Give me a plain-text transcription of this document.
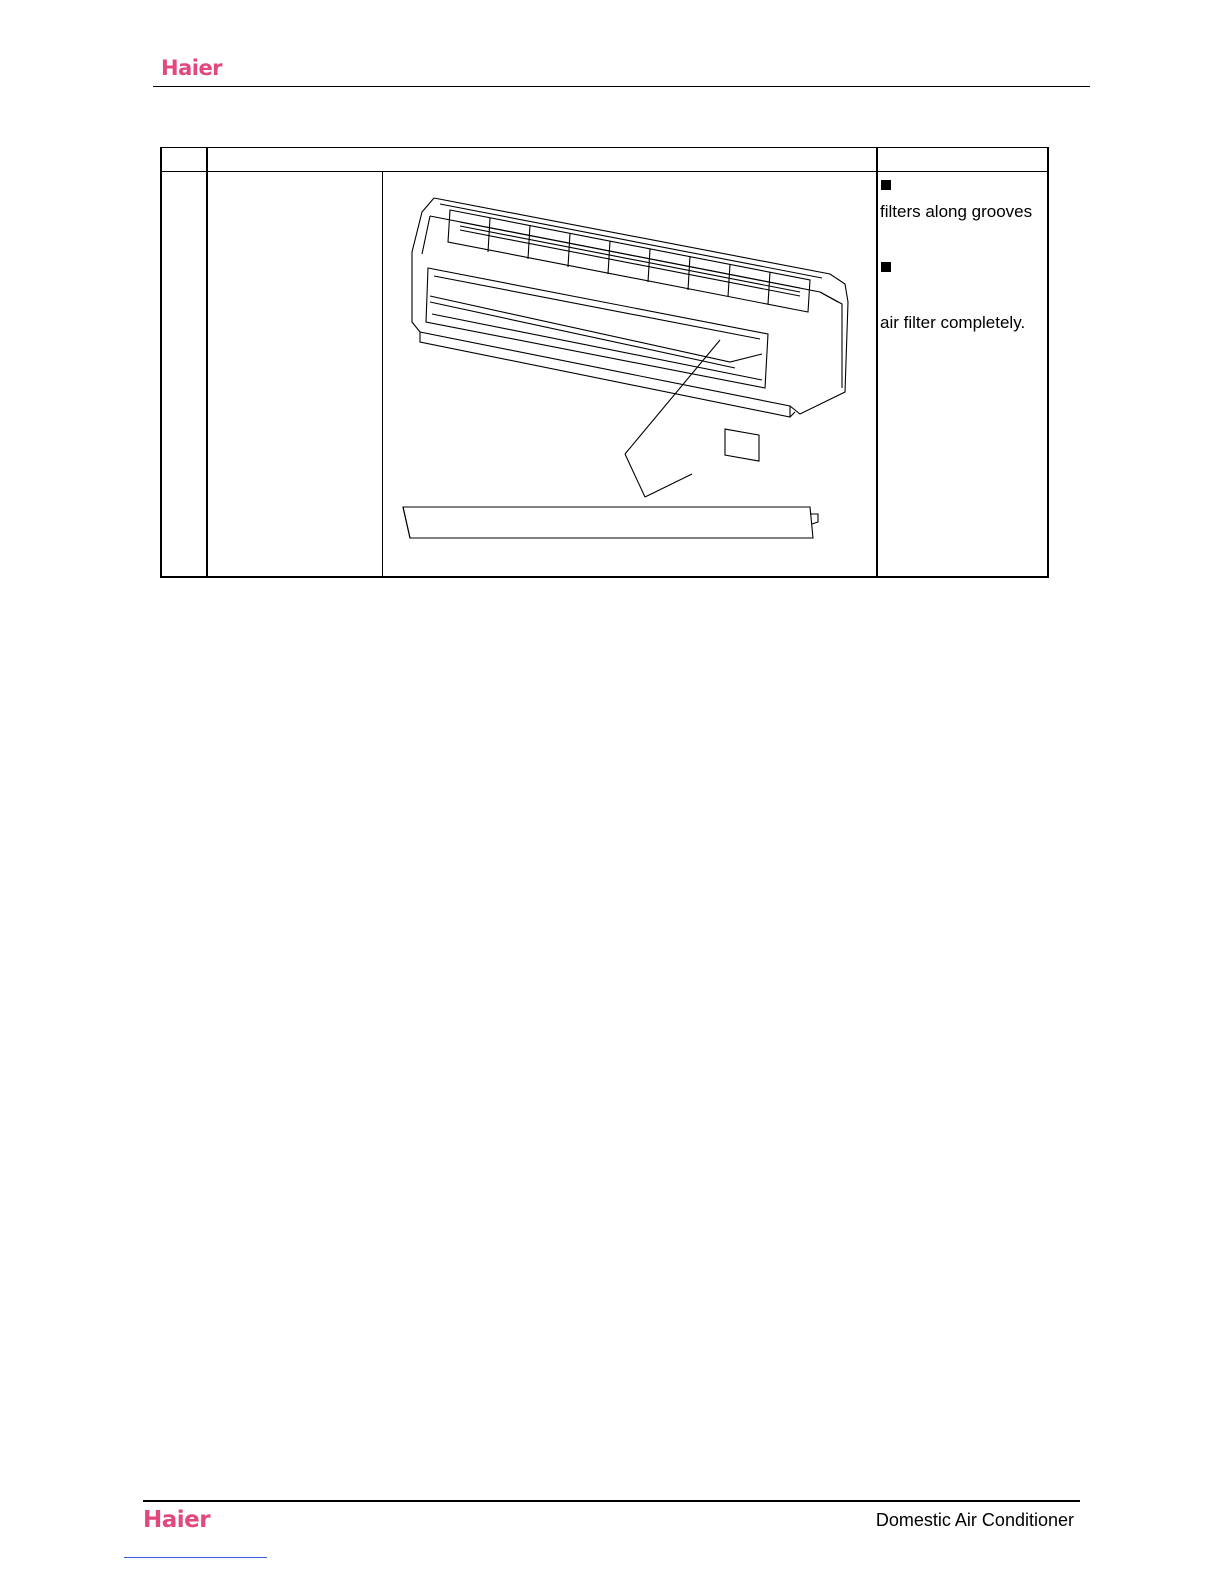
Haier
filters along grooves
air filter completely.
Haier	Domestic Air Conditioner
